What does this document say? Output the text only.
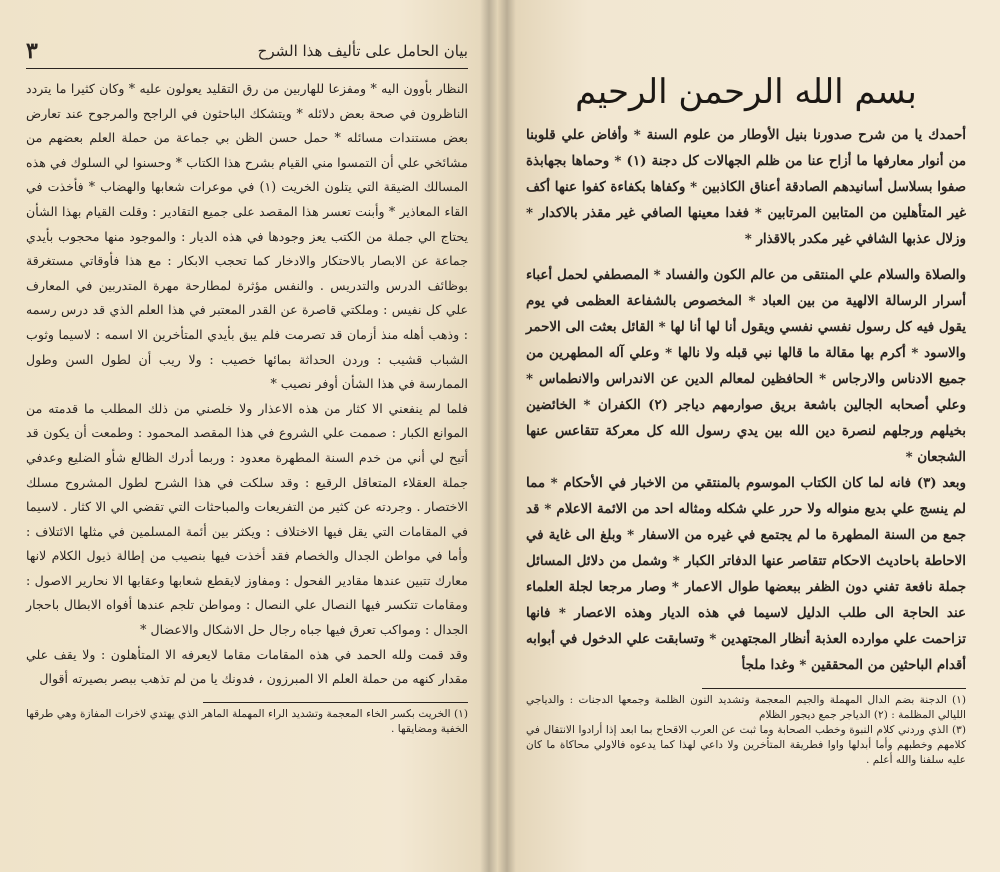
بيان الحامل على تأليف هذا الشرح
٣

النظار بأوون اليه * ومفزعا للهاربين من رق التقليد يعولون عليه * وكان كثيرا ما يتردد الناظرون في صحة بعض دلائله * ويتشكك الباحثون في الراجح والمرجوح عند تعارض بعض مستندات مسائله * حمل حسن الظن بي جماعة من حملة العلم بعضهم من مشائخي علي أن التمسوا مني القيام بشرح هذا الكتاب * وحسنوا لي السلوك في هذه المسالك الضيقة التي يتلون الخريت (١) في موعرات شعابها والهضاب * فأخذت في القاء المعاذير * وأبنت تعسر هذا المقصد على جميع التقادير : وقلت القيام بهذا الشأن يحتاج الي جملة من الكتب يعز وجودها في هذه الديار : والموجود منها محجوب بأيدي جماعة عن الابصار بالاحتكار والادخار كما تحجب الابكار : مع هذا فأوقاتي مستغرقة بوظائف الدرس والتدريس . والنفس مؤثرة لمطارحة مهرة المتدربين في المعارف علي كل نفيس : وملكتي قاصرة عن القدر المعتبر في هذا العلم الذي قد درس رسمه : وذهب أهله منذ أزمان قد تصرمت فلم يبق بأيدي المتأخرين الا اسمه : لاسيما وثوب الشباب قشيب : وردن الحداثة بمائها خصيب : ولا ريب أن لطول السن وطول الممارسة في هذا الشأن أوفر نصيب *

فلما لم ينفعني الا كثار من هذه الاعذار ولا خلصني من ذلك المطلب ما قدمته من الموانع الكبار : صممت علي الشروع في هذا المقصد المحمود : وطمعت أن يكون قد أتيح لي أني من خدم السنة المطهرة معدود : وربما أدرك الظالع شأو الضليع وعدفي جملة العقلاء المتعاقل الرقيع : وقد سلكت في هذا الشرح لطول المشروح مسلك الاختصار . وجردته عن كثير من التفريعات والمباحثات التي تقضي الي الا كثار . لاسيما في المقامات التي يقل فيها الاختلاف : ويكثر بين أئمة المسلمين في مثلها الائتلاف : وأما في مواطن الجدال والخصام فقد أخذت فيها بنصيب من إطالة ذيول الكلام لانها معارك تتبين عندها مقادير الفحول : ومفاوز لايقطع شعابها وعقابها الا نحارير الاصول : ومقامات تتكسر فيها النصال علي النصال : ومواطن تلجم عندها أفواه الابطال باحجار الجدال : ومواكب تعرق فيها جباه رجال حل الاشكال والاعضال *

وقد قمت ولله الحمد في هذه المقامات مقاما لايعرفه الا المتأهلون : ولا يقف علي مقدار كنهه من حملة العلم الا المبرزون ، فدونك يا من لم تذهب ببصر بصيرته أقوال

(١) الخريت بكسر الخاء المعجمة وتشديد الراء المهملة الماهر الذي يهتدي لاخرات المفازة وهي طرقها الخفية ومضايقها .

بسم الله الرحمن الرحيم

أحمدك يا من شرح صدورنا بنيل الأوطار من علوم السنة * وأفاض علي قلوبنا من أنوار معارفها ما أزاح عنا من ظلم الجهالات كل دجنة (١) * وحماها بجهابذة صفوا بسلاسل أسانيدهم الصادقة أعناق الكاذبين * وكفاها بكفاءة كفوا عنها أكف غير المتأهلين من المتابين المرتابين * فغدا معينها الصافي غير مقذر بالاكدار * وزلال عذبها الشافي غير مكدر بالاقذار *

والصلاة والسلام علي المنتقى من عالم الكون والفساد * المصطفي لحمل أعباء أسرار الرسالة الالهية من بين العباد * المخصوص بالشفاعة العظمى في يوم يقول فيه كل رسول نفسي نفسي ويقول أنا لها أنا لها * القائل بعثت الى الاحمر والاسود * أكرم بها مقالة ما قالها نبي قبله ولا نالها * وعلي آله المطهرين من جميع الادناس والارجاس * الحافظين لمعالم الدين عن الاندراس والانطماس * وعلي أصحابه الجالين باشعة بريق صوارمهم دياجر (٢) الكفران * الخائضين بخيلهم ورجلهم لنصرة دين الله بين يدي رسول الله كل معركة تتقاعس عنها الشجعان *

وبعد (٣) فانه لما كان الكتاب الموسوم بالمنتقي من الاخبار في الأحكام * مما لم ينسج علي بديع منواله ولا حرر علي شكله ومثاله احد من الائمة الاعلام * قد جمع من السنة المطهرة ما لم يجتمع في غيره من الاسفار * وبلغ الى غاية في الاحاطة باحاديث الاحكام تتقاصر عنها الدفاتر الكبار * وشمل من دلائل المسائل جملة نافعة تفني دون الظفر ببعضها طوال الاعمار * وصار مرجعا لجلة العلماء عند الحاجة الى طلب الدليل لاسيما في هذه الديار وهذه الاعصار * فانها تزاحمت علي موارده العذبة أنظار المجتهدين * وتسابقت علي الدخول في أبوابه أقدام الباحثين من المحققين * وغدا ملجأ

(١) الدجنة بضم الدال المهملة والجيم المعجمة وتشديد النون الظلمة وجمعها الدجنات : والدياجي الليالي المظلمة : (٢) الدياجر جمع ديجور الظلام

(٣) الذي وردني كلام النبوة وخطب الصحابة وما ثبت عن العرب الاقحاح بما ابعد إذا أرادوا الانتقال في كلامهم وخطبهم وأما أبدلها واوا فطريقة المتأخرين ولا داعي لهذا كما يدعوه فالاولي محاكاة ما كان عليه سلفنا والله أعلم .
